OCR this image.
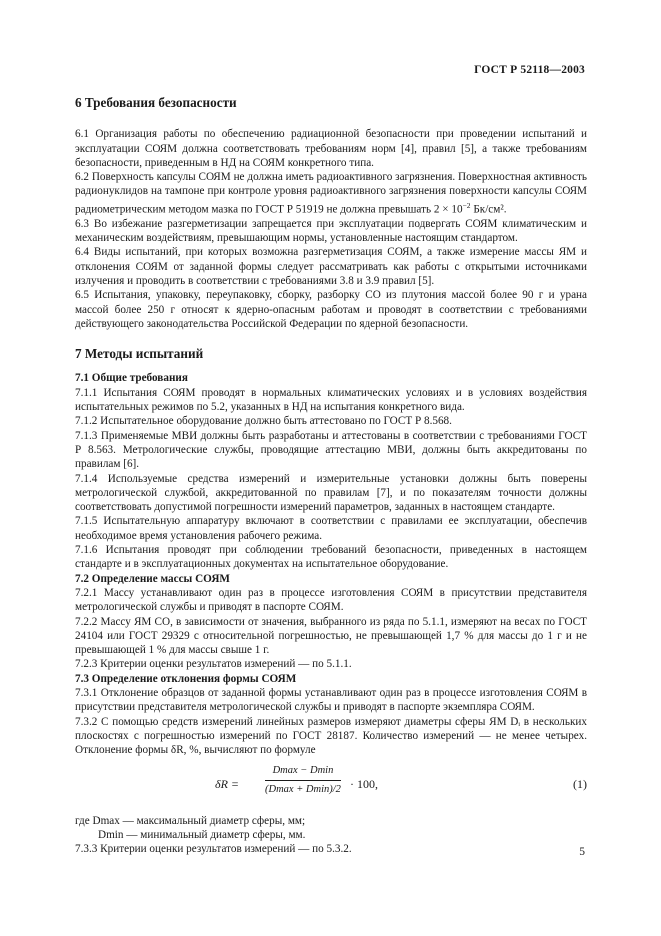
ГОСТ Р 52118—2003
6 Требования безопасности

6.1 Организация работы по обеспечению радиационной безопасности при проведении испытаний и эксплуатации СОЯМ должна соответствовать требованиям норм [4], правил [5], а также требованиям безопасности, приведенным в НД на СОЯМ конкретного типа.

6.2 Поверхность капсулы СОЯМ не должна иметь радиоактивного загрязнения. Поверхностная активность радионуклидов на тампоне при контроле уровня радиоактивного загрязнения поверхности капсулы СОЯМ радиометрическим методом мазка по ГОСТ Р 51919 не должна превышать $2 \times 10^{-2}$ Бк/см².

6.3 Во избежание разгерметизации запрещается при эксплуатации подвергать СОЯМ климатическим и механическим воздействиям, превышающим нормы, установленные настоящим стандартом.

6.4 Виды испытаний, при которых возможна разгерметизация СОЯМ, а также измерение массы ЯМ и отклонения СОЯМ от заданной формы следует рассматривать как работы с открытыми источниками излучения и проводить в соответствии с требованиями 3.8 и 3.9 правил [5].

6.5 Испытания, упаковку, переупаковку, сборку, разборку СО из плутония массой более 90 г и урана массой более 250 г относят к ядерно-опасным работам и проводят в соответствии с требованиями действующего законодательства Российской Федерации по ядерной безопасности.

7 Методы испытаний
7.1 Общие требования

7.1.1 Испытания СОЯМ проводят в нормальных климатических условиях и в условиях воздействия испытательных режимов по 5.2, указанных в НД на испытания конкретного вида.

7.1.2 Испытательное оборудование должно быть аттестовано по ГОСТ Р 8.568.

7.1.3 Применяемые МВИ должны быть разработаны и аттестованы в соответствии с требованиями ГОСТ Р 8.563. Метрологические службы, проводящие аттестацию МВИ, должны быть аккредитованы по правилам [6].

7.1.4 Используемые средства измерений и измерительные установки должны быть поверены метрологической службой, аккредитованной по правилам [7], и по показателям точности должны соответствовать допустимой погрешности измерений параметров, заданных в настоящем стандарте.

7.1.5 Испытательную аппаратуру включают в соответствии с правилами ее эксплуатации, обеспечив необходимое время установления рабочего режима.

7.1.6 Испытания проводят при соблюдении требований безопасности, приведенных в настоящем стандарте и в эксплуатационных документах на испытательное оборудование.

7.2 Определение массы СОЯМ

7.2.1 Массу устанавливают один раз в процессе изготовления СОЯМ в присутствии представителя метрологической службы и приводят в паспорте СОЯМ.

7.2.2 Массу ЯМ СО, в зависимости от значения, выбранного из ряда по 5.1.1, измеряют на весах по ГОСТ 24104 или ГОСТ 29329 с относительной погрешностью, не превышающей 1,7 % для массы до 1 г и не превышающей 1 % для массы свыше 1 г.

7.2.3 Критерии оценки результатов измерений — по 5.1.1.

7.3 Определение отклонения формы СОЯМ

7.3.1 Отклонение образцов от заданной формы устанавливают один раз в процессе изготовления СОЯМ в присутствии представителя метрологической службы и приводят в паспорте экземпляра СОЯМ.

7.3.2 С помощью средств измерений линейных размеров измеряют диаметры сферы ЯМ Dᵢ в нескольких плоскостях с погрешностью измерений по ГОСТ 28187. Количество измерений — не менее четырех. Отклонение формы δR, %, вычисляют по формуле

δR =
Dmax − Dmin
(Dmax + Dmin)/2 · 100,	(1)

где Dmax — максимальный диаметр сферы, мм;

Dmin — минимальный диаметр сферы, мм.

7.3.3 Критерии оценки результатов измерений — по 5.3.2.	5
